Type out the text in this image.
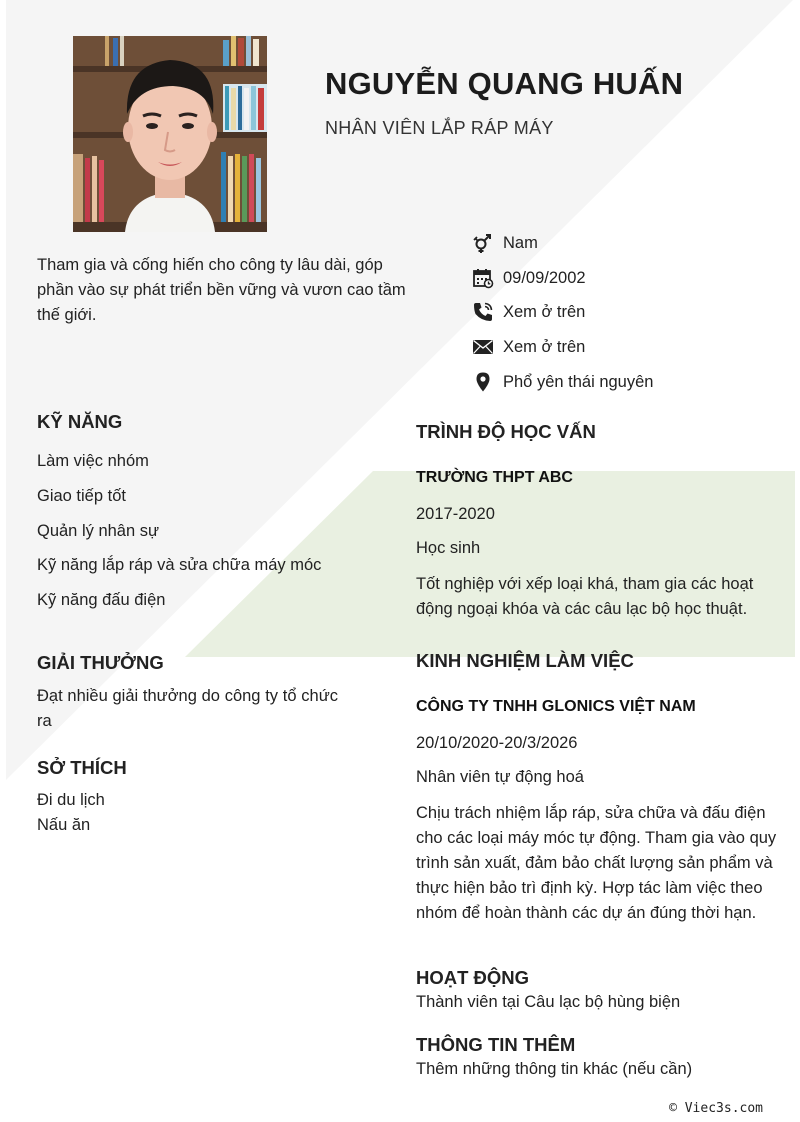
NGUYỄN QUANG HUẤN
NHÂN VIÊN LẮP RÁP MÁY
Tham gia và cống hiến cho công ty lâu dài, góp phần vào sự phát triển bền vững và vươn cao tầm thế giới.
Nam
09/09/2002
Xem ở trên
Xem ở trên
Phổ yên thái nguyên
KỸ NĂNG
Làm việc nhóm
Giao tiếp tốt
Quản lý nhân sự
Kỹ năng lắp ráp và sửa chữa máy móc
Kỹ năng đấu điện
GIẢI THƯỞNG
Đạt nhiều giải thưởng do công ty tổ chức ra
SỞ THÍCH
Đi du lịch
Nấu ăn
TRÌNH ĐỘ HỌC VẤN
TRƯỜNG THPT ABC
2017-2020
Học sinh
Tốt nghiệp với xếp loại khá, tham gia các hoạt động ngoại khóa và các câu lạc bộ học thuật.
KINH NGHIỆM LÀM VIỆC
CÔNG TY TNHH GLONICS VIỆT NAM
20/10/2020-20/3/2026
Nhân viên tự động hoá
Chịu trách nhiệm lắp ráp, sửa chữa và đấu điện cho các loại máy móc tự động. Tham gia vào quy trình sản xuất, đảm bảo chất lượng sản phẩm và thực hiện bảo trì định kỳ. Hợp tác làm việc theo nhóm để hoàn thành các dự án đúng thời hạn.
HOẠT ĐỘNG
Thành viên tại Câu lạc bộ hùng biện
THÔNG TIN THÊM
Thêm những thông tin khác (nếu cần)
© Viec3s.com
